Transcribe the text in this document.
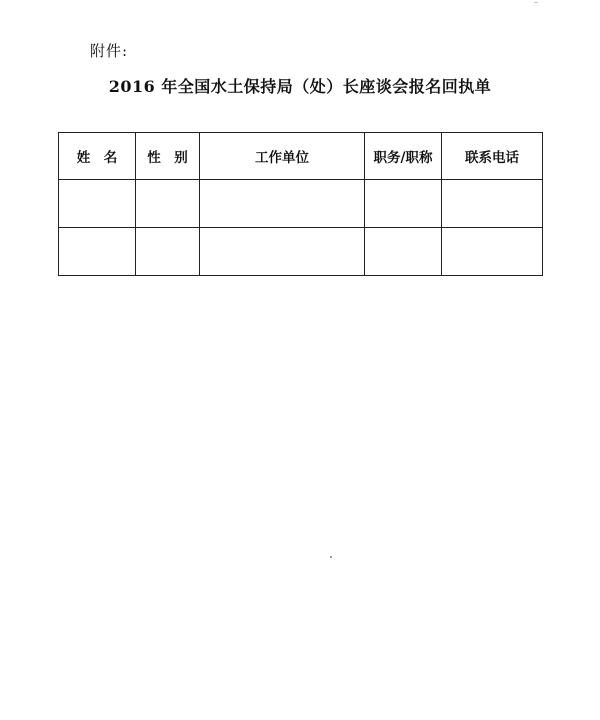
附件:
2016 年全国水土保持局（处）长座谈会报名回执单
姓　名	性　别	工作单位	职务/职称	联系电话
